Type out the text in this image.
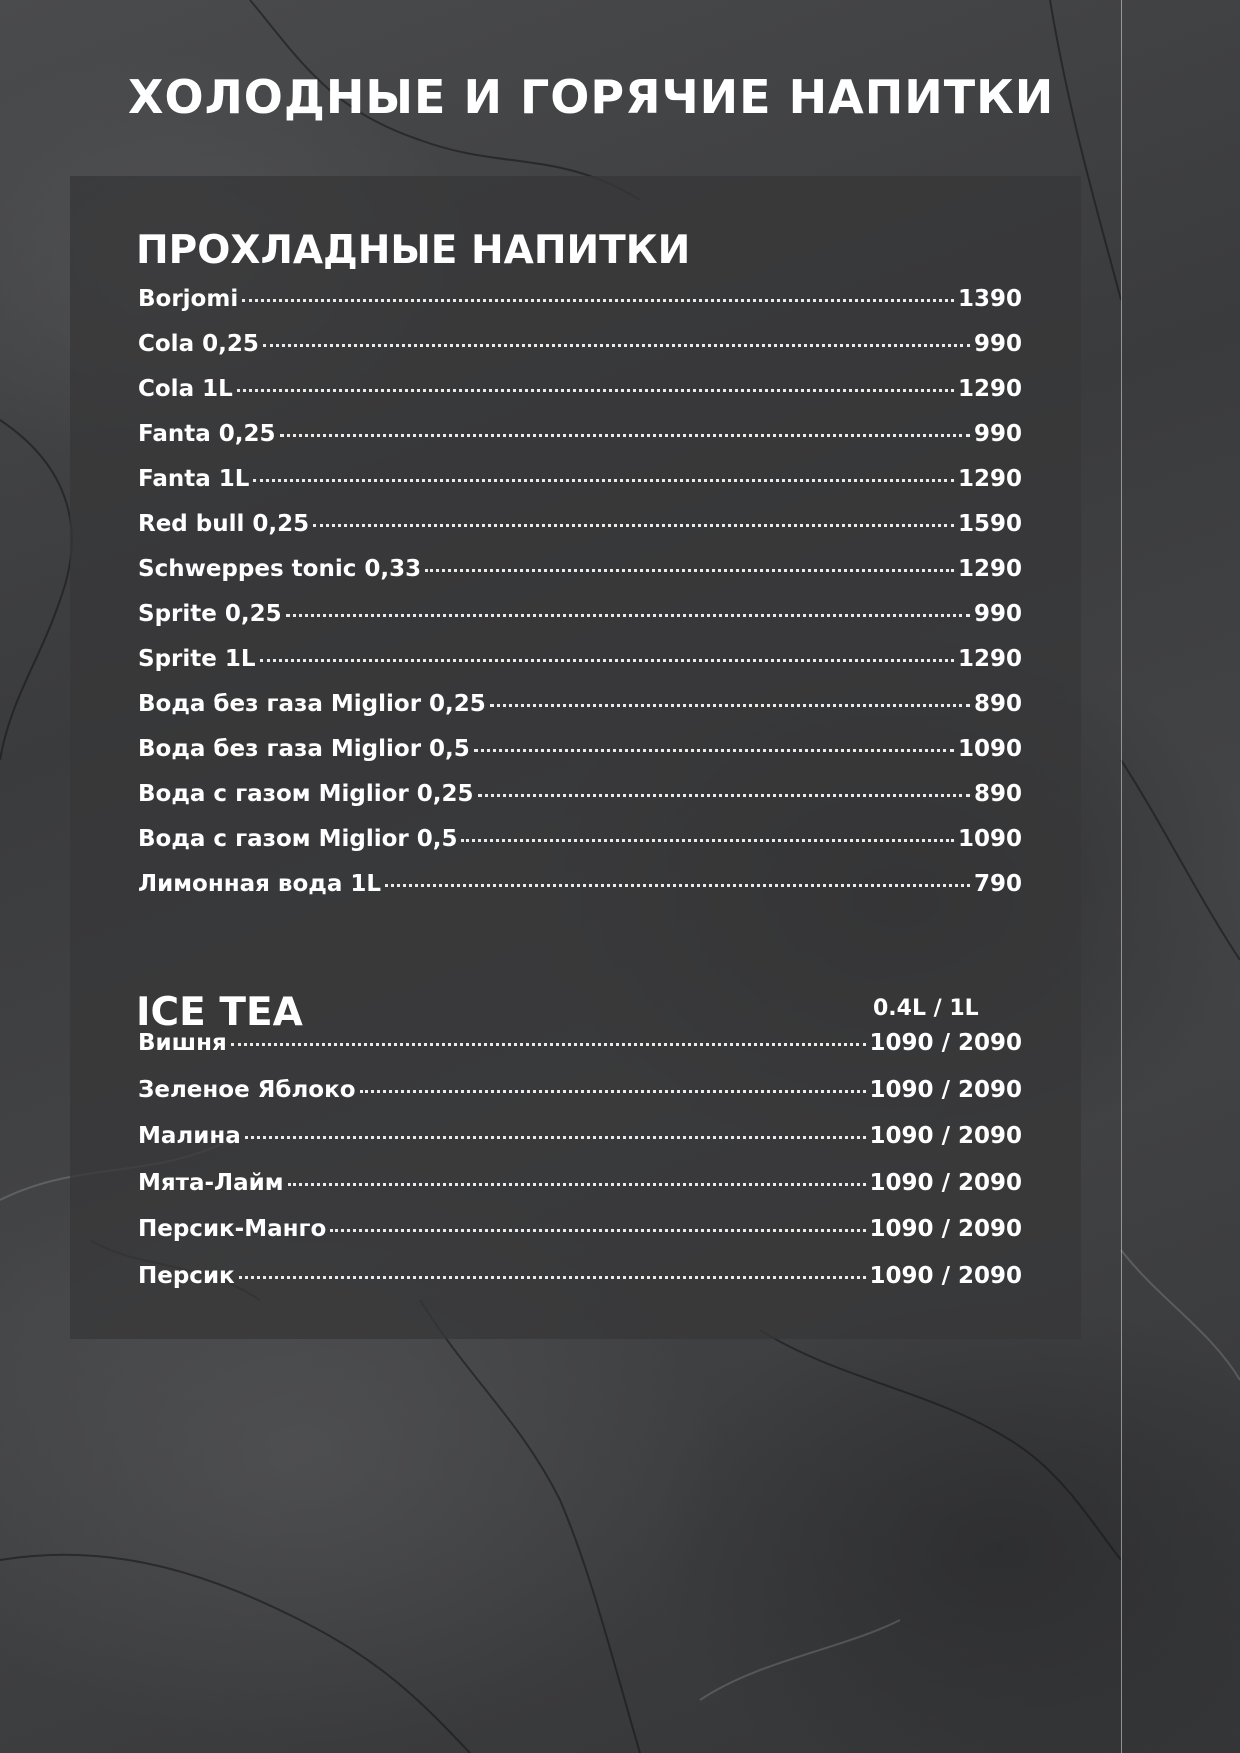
ХОЛОДНЫЕ И ГОРЯЧИЕ НАПИТКИ
ПРОХЛАДНЫЕ НАПИТКИ
Borjomi	1390
Cola 0,25	990
Cola 1L	1290
Fanta 0,25	990
Fanta 1L	1290
Red bull 0,25	1590
Schweppes tonic 0,33	1290
Sprite 0,25	990
Sprite 1L	1290
Вода без газа Miglior 0,25	890
Вода без газа Miglior 0,5	1090
Вода с газом Miglior 0,25	890
Вода с газом Miglior 0,5	1090
Лимонная вода 1L	790
ICE TEA	0.4L / 1L
Вишня	1090 / 2090
Зеленое Яблоко	1090 / 2090
Малина	1090 / 2090
Мята-Лайм	1090 / 2090
Персик-Манго	1090 / 2090
Персик	1090 / 2090
